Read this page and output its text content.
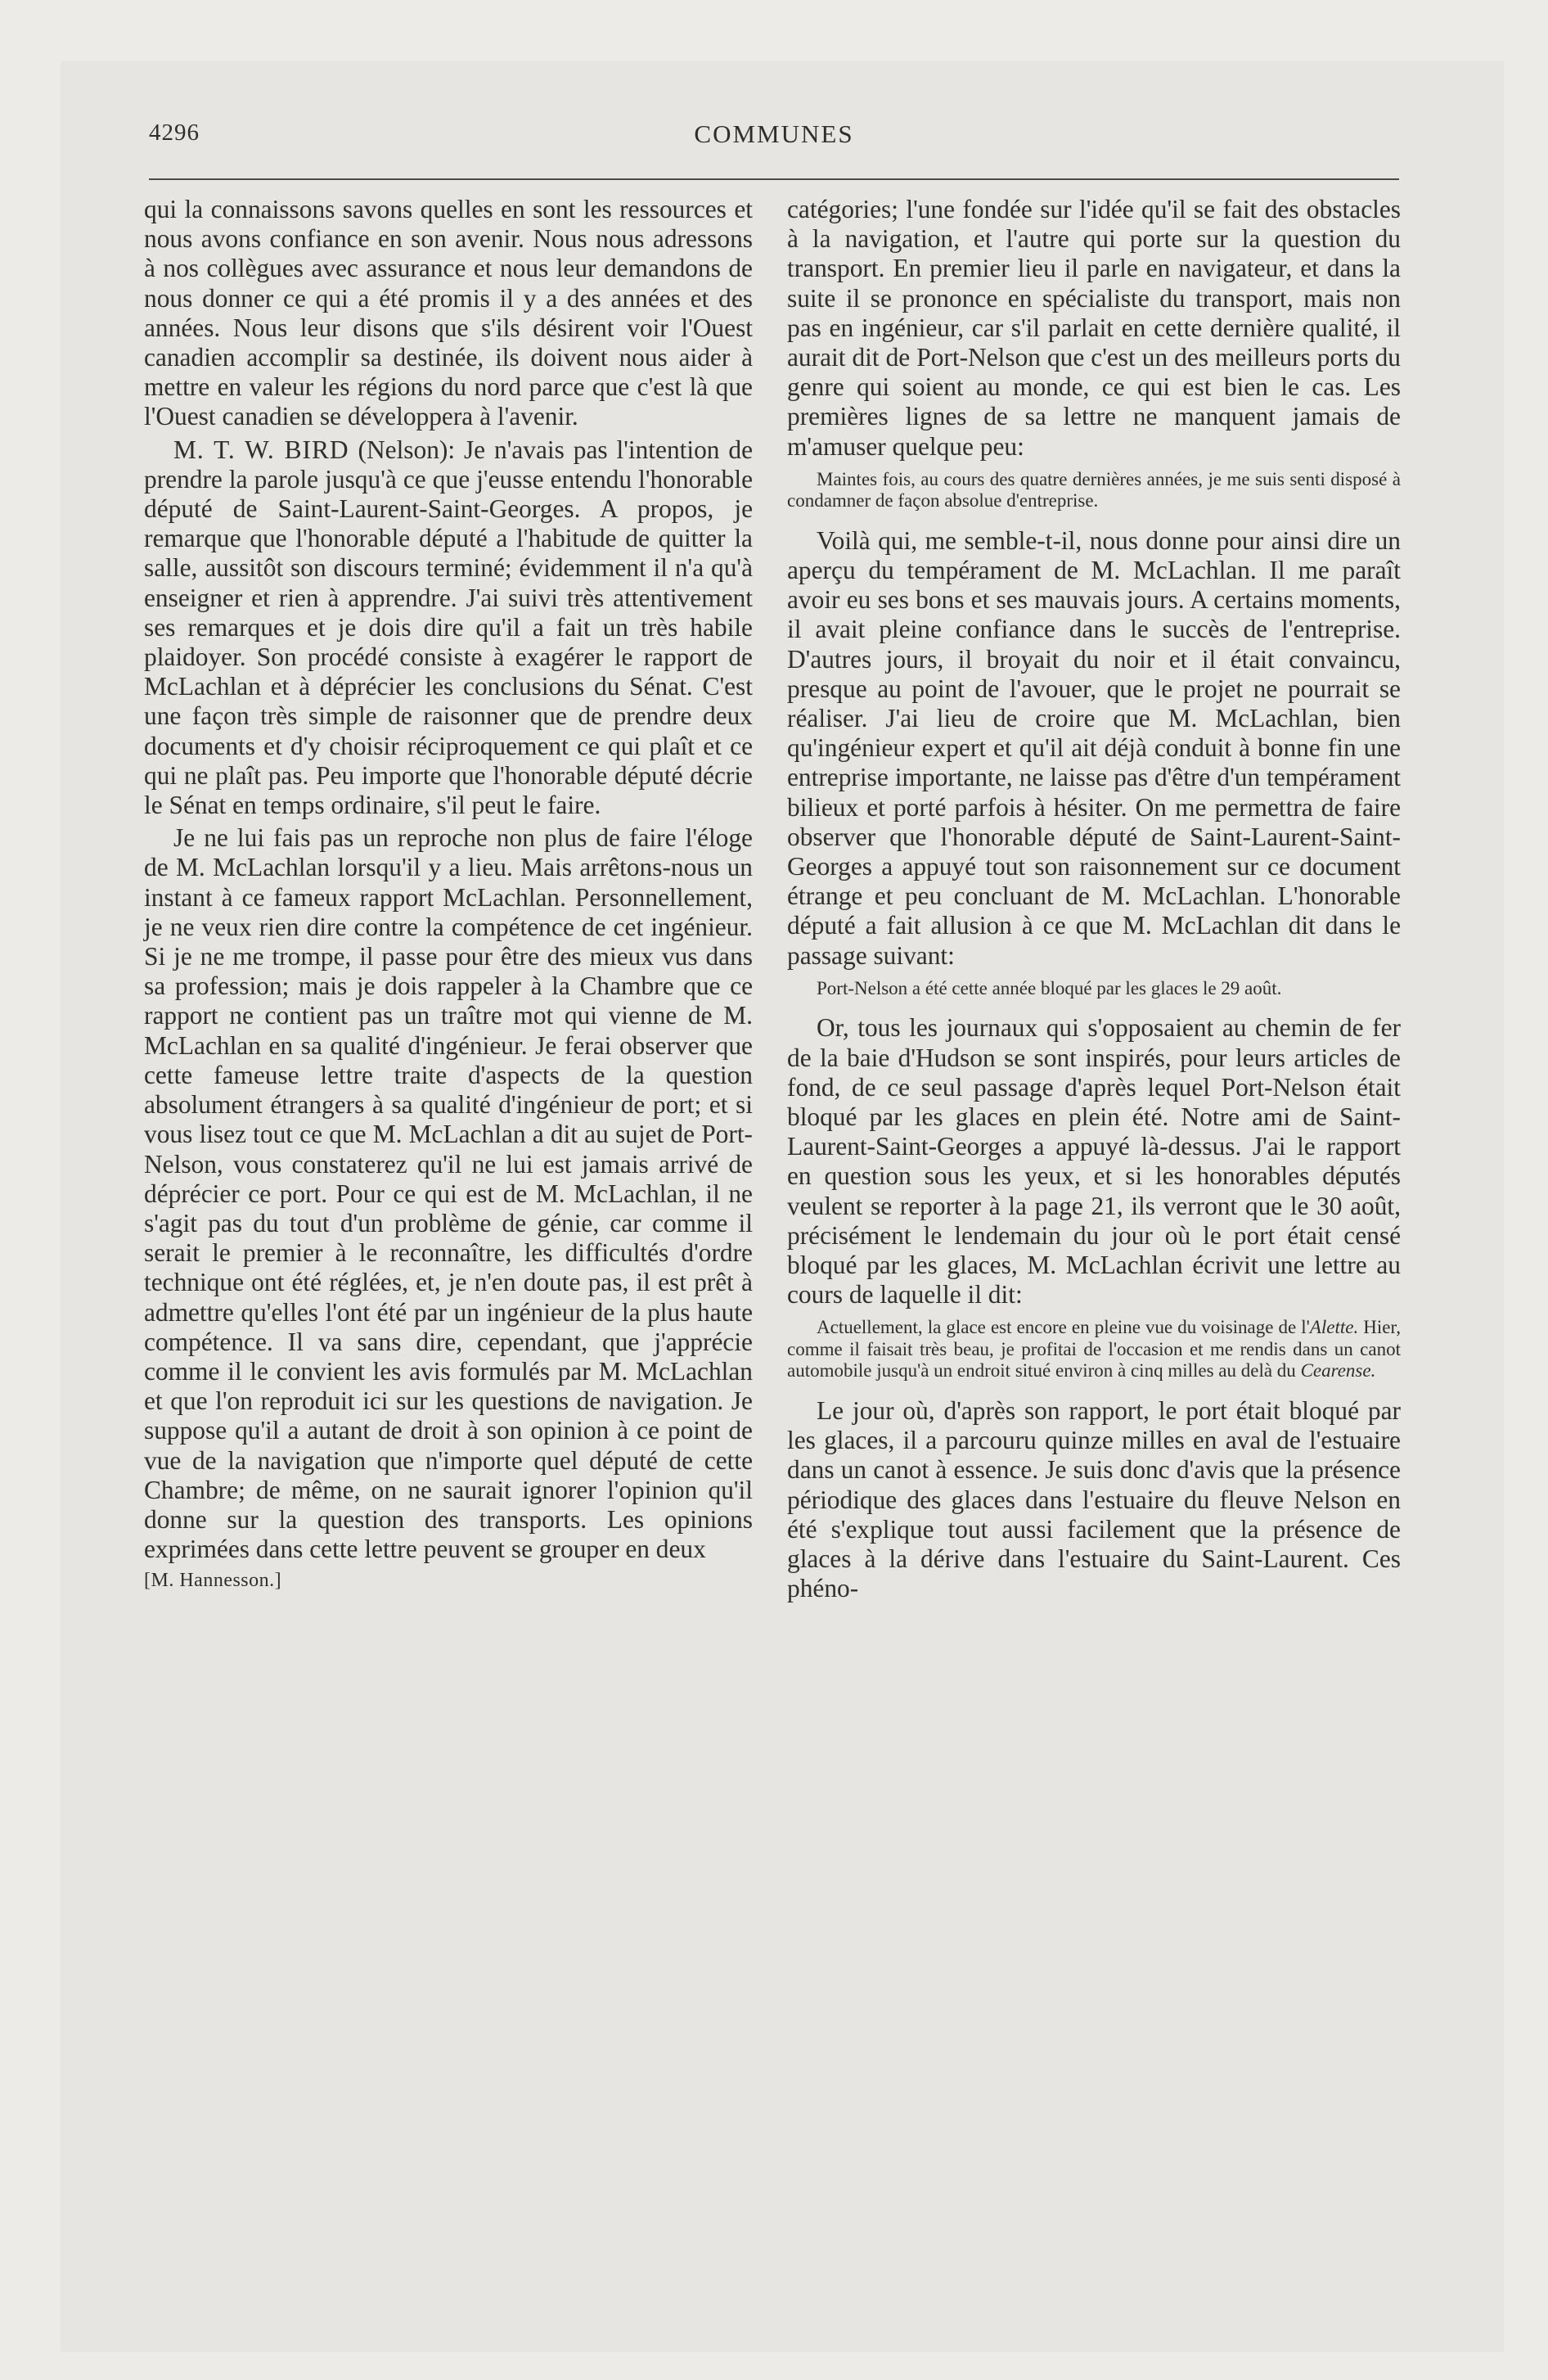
4296	COMMUNES

qui la connaissons savons quelles en sont les ressources et nous avons confiance en son avenir. Nous nous adressons à nos collègues avec assurance et nous leur demandons de nous donner ce qui a été promis il y a des années et des années. Nous leur disons que s'ils désirent voir l'Ouest canadien accomplir sa destinée, ils doivent nous aider à mettre en valeur les régions du nord parce que c'est là que l'Ouest canadien se développera à l'avenir.

M. T. W. BIRD (Nelson): Je n'avais pas l'intention de prendre la parole jusqu'à ce que j'eusse entendu l'honorable député de Saint-Laurent-Saint-Georges. A propos, je remarque que l'honorable député a l'habitude de quitter la salle, aussitôt son discours terminé; évidemment il n'a qu'à enseigner et rien à apprendre. J'ai suivi très attentivement ses remarques et je dois dire qu'il a fait un très habile plaidoyer. Son procédé consiste à exagérer le rapport de McLachlan et à déprécier les conclusions du Sénat. C'est une façon très simple de raisonner que de prendre deux documents et d'y choisir réciproquement ce qui plaît et ce qui ne plaît pas. Peu importe que l'honorable député décrie le Sénat en temps ordinaire, s'il peut le faire.

Je ne lui fais pas un reproche non plus de faire l'éloge de M. McLachlan lorsqu'il y a lieu. Mais arrêtons-nous un instant à ce fameux rapport McLachlan. Personnellement, je ne veux rien dire contre la compétence de cet ingénieur. Si je ne me trompe, il passe pour être des mieux vus dans sa profession; mais je dois rappeler à la Chambre que ce rapport ne contient pas un traître mot qui vienne de M. McLachlan en sa qualité d'ingénieur. Je ferai observer que cette fameuse lettre traite d'aspects de la question absolument étrangers à sa qualité d'ingénieur de port; et si vous lisez tout ce que M. McLachlan a dit au sujet de Port-Nelson, vous constaterez qu'il ne lui est jamais arrivé de déprécier ce port. Pour ce qui est de M. McLachlan, il ne s'agit pas du tout d'un problème de génie, car comme il serait le premier à le reconnaître, les difficultés d'ordre technique ont été réglées, et, je n'en doute pas, il est prêt à admettre qu'elles l'ont été par un ingénieur de la plus haute compétence. Il va sans dire, cependant, que j'apprécie comme il le convient les avis formulés par M. McLachlan et que l'on reproduit ici sur les questions de navigation. Je suppose qu'il a autant de droit à son opinion à ce point de vue de la navigation que n'importe quel député de cette Chambre; de même, on ne saurait ignorer l'opinion qu'il donne sur la question des transports. Les opinions exprimées dans cette lettre peuvent se grouper en deux

[M. Hannesson.]

catégories; l'une fondée sur l'idée qu'il se fait des obstacles à la navigation, et l'autre qui porte sur la question du transport. En premier lieu il parle en navigateur, et dans la suite il se prononce en spécialiste du transport, mais non pas en ingénieur, car s'il parlait en cette dernière qualité, il aurait dit de Port-Nelson que c'est un des meilleurs ports du genre qui soient au monde, ce qui est bien le cas. Les premières lignes de sa lettre ne manquent jamais de m'amuser quelque peu:

Maintes fois, au cours des quatre dernières années, je me suis senti disposé à condamner de façon absolue d'entreprise.

Voilà qui, me semble-t-il, nous donne pour ainsi dire un aperçu du tempérament de M. McLachlan. Il me paraît avoir eu ses bons et ses mauvais jours. A certains moments, il avait pleine confiance dans le succès de l'entreprise. D'autres jours, il broyait du noir et il était convaincu, presque au point de l'avouer, que le projet ne pourrait se réaliser. J'ai lieu de croire que M. McLachlan, bien qu'ingénieur expert et qu'il ait déjà conduit à bonne fin une entreprise importante, ne laisse pas d'être d'un tempérament bilieux et porté parfois à hésiter. On me permettra de faire observer que l'honorable député de Saint-Laurent-Saint-Georges a appuyé tout son raisonnement sur ce document étrange et peu concluant de M. McLachlan. L'honorable député a fait allusion à ce que M. McLachlan dit dans le passage suivant:

Port-Nelson a été cette année bloqué par les glaces le 29 août.

Or, tous les journaux qui s'opposaient au chemin de fer de la baie d'Hudson se sont inspirés, pour leurs articles de fond, de ce seul passage d'après lequel Port-Nelson était bloqué par les glaces en plein été. Notre ami de Saint-Laurent-Saint-Georges a appuyé là-dessus. J'ai le rapport en question sous les yeux, et si les honorables députés veulent se reporter à la page 21, ils verront que le 30 août, précisément le lendemain du jour où le port était censé bloqué par les glaces, M. McLachlan écrivit une lettre au cours de laquelle il dit:

Actuellement, la glace est encore en pleine vue du voisinage de l'Alette. Hier, comme il faisait très beau, je profitai de l'occasion et me rendis dans un canot automobile jusqu'à un endroit situé environ à cinq milles au delà du Cearense.

Le jour où, d'après son rapport, le port était bloqué par les glaces, il a parcouru quinze milles en aval de l'estuaire dans un canot à essence. Je suis donc d'avis que la présence périodique des glaces dans l'estuaire du fleuve Nelson en été s'explique tout aussi facilement que la présence de glaces à la dérive dans l'estuaire du Saint-Laurent. Ces phéno-
